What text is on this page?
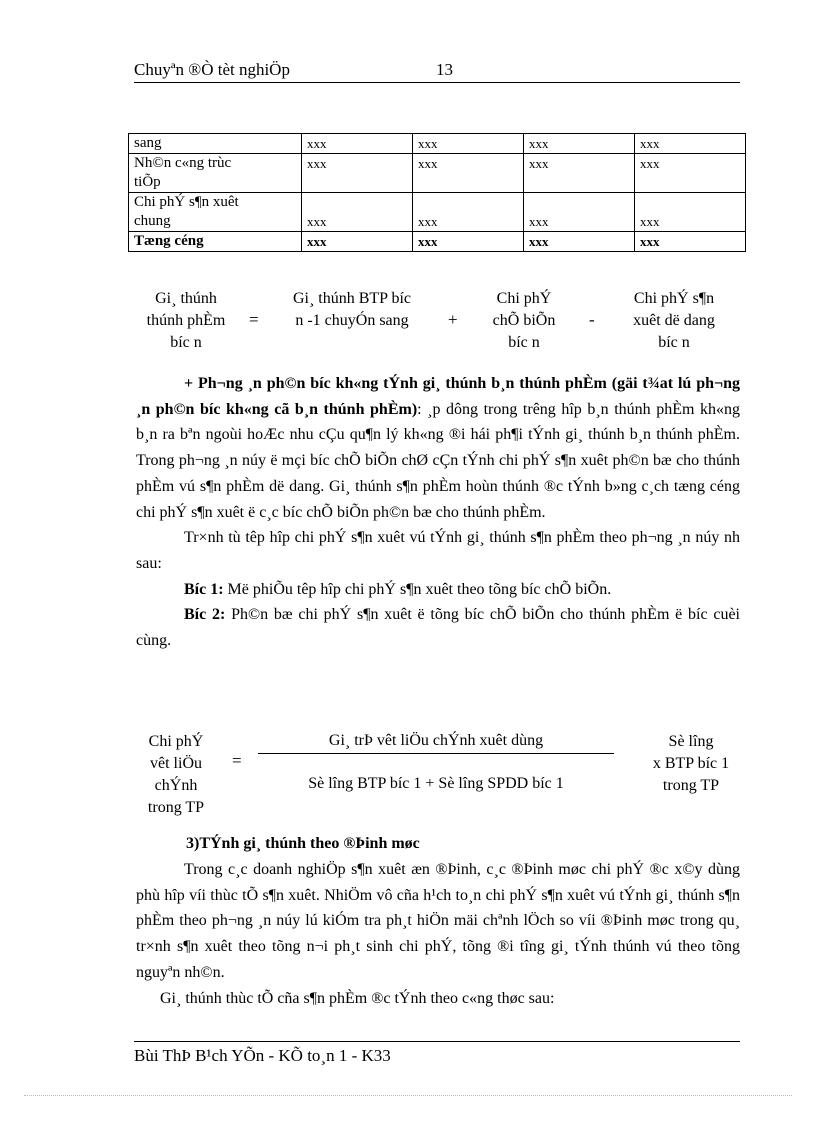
Chuyªn ®Ò tèt nghiÖp	13
sang	xxx	xxx	xxx	xxx
Nh©n c«ng trùc
tiÕp	xxx	xxx	xxx	xxx
Chi phÝ s¶n xuêt
chung	xxx	xxx	xxx	xxx
Tæng céng	xxx	xxx	xxx	xxx
Gi¸ thúnh
thúnh phÈm
bíc n
=
Gi¸ thúnh BTP bíc
n -1 chuyÓn sang	+
Chi phÝ
chÕ biÕn
bíc n
-
Chi phÝ s¶n
xuêt dë dang
bíc n
+ Ph¬ng ¸n ph©n bíc kh«ng tÝnh gi¸ thúnh b¸n thúnh phÈm (gäi t¾at lú ph¬ng ¸n ph©n bíc kh«ng cã b¸n thúnh phÈm): ¸p dông trong trêng hîp b¸n thúnh phÈm kh«ng b¸n ra bªn ngoùi hoÆc nhu cÇu qu¶n lý kh«ng ®i hái ph¶i tÝnh gi¸ thúnh b¸n thúnh phÈm. Trong ph¬ng ¸n núy ë mçi bíc chÕ biÕn chØ cÇn tÝnh chi phÝ s¶n xuêt ph©n bæ cho thúnh phÈm vú s¶n phÈm dë dang. Gi¸ thúnh s¶n phÈm hoùn thúnh ®c tÝnh b»ng c¸ch tæng céng chi phÝ s¶n xuêt ë c¸c bíc chÕ biÕn ph©n bæ cho thúnh phÈm.
Tr×nh tù têp hîp chi phÝ s¶n xuêt vú tÝnh gi¸ thúnh s¶n phÈm theo ph¬ng ¸n núy nh sau:
Bíc 1: Më phiÕu têp hîp chi phÝ s¶n xuêt theo tõng bíc chÕ biÕn.
Bíc 2: Ph©n bæ chi phÝ s¶n xuêt ë tõng bíc chÕ biÕn cho thúnh phÈm ë bíc cuèi cùng.
Chi phÝ
vêt liÖu
chÝnh
trong TP
=
Gi¸ trÞ vêt liÖu chÝnh xuêt dùng
Sè lîng BTP bíc 1 + Sè lîng SPDD bíc 1
Sè lîng
x BTP bíc 1
trong TP
3)TÝnh gi¸ thúnh theo ®Þinh møc
Trong c¸c doanh nghiÖp s¶n xuêt æn ®Þinh, c¸c ®Þinh møc chi phÝ ®c x©y dùng phù hîp víi thùc tÕ s¶n xuêt. NhiÖm vô cña h¹ch to¸n chi phÝ s¶n xuêt vú tÝnh gi¸ thúnh s¶n phÈm theo ph¬ng ¸n núy lú kiÓm tra ph¸t hiÖn mäi chªnh lÖch so víi ®Þinh møc trong qu¸ tr×nh s¶n xuêt theo tõng n¬i ph¸t sinh chi phÝ, tõng ®i tîng gi¸ tÝnh thúnh vú theo tõng nguyªn nh©n.
Gi¸ thúnh thùc tÕ cña s¶n phÈm ®c tÝnh theo c«ng thøc sau:
Bùi ThÞ B¹ch YÕn - KÕ to¸n 1 - K33
